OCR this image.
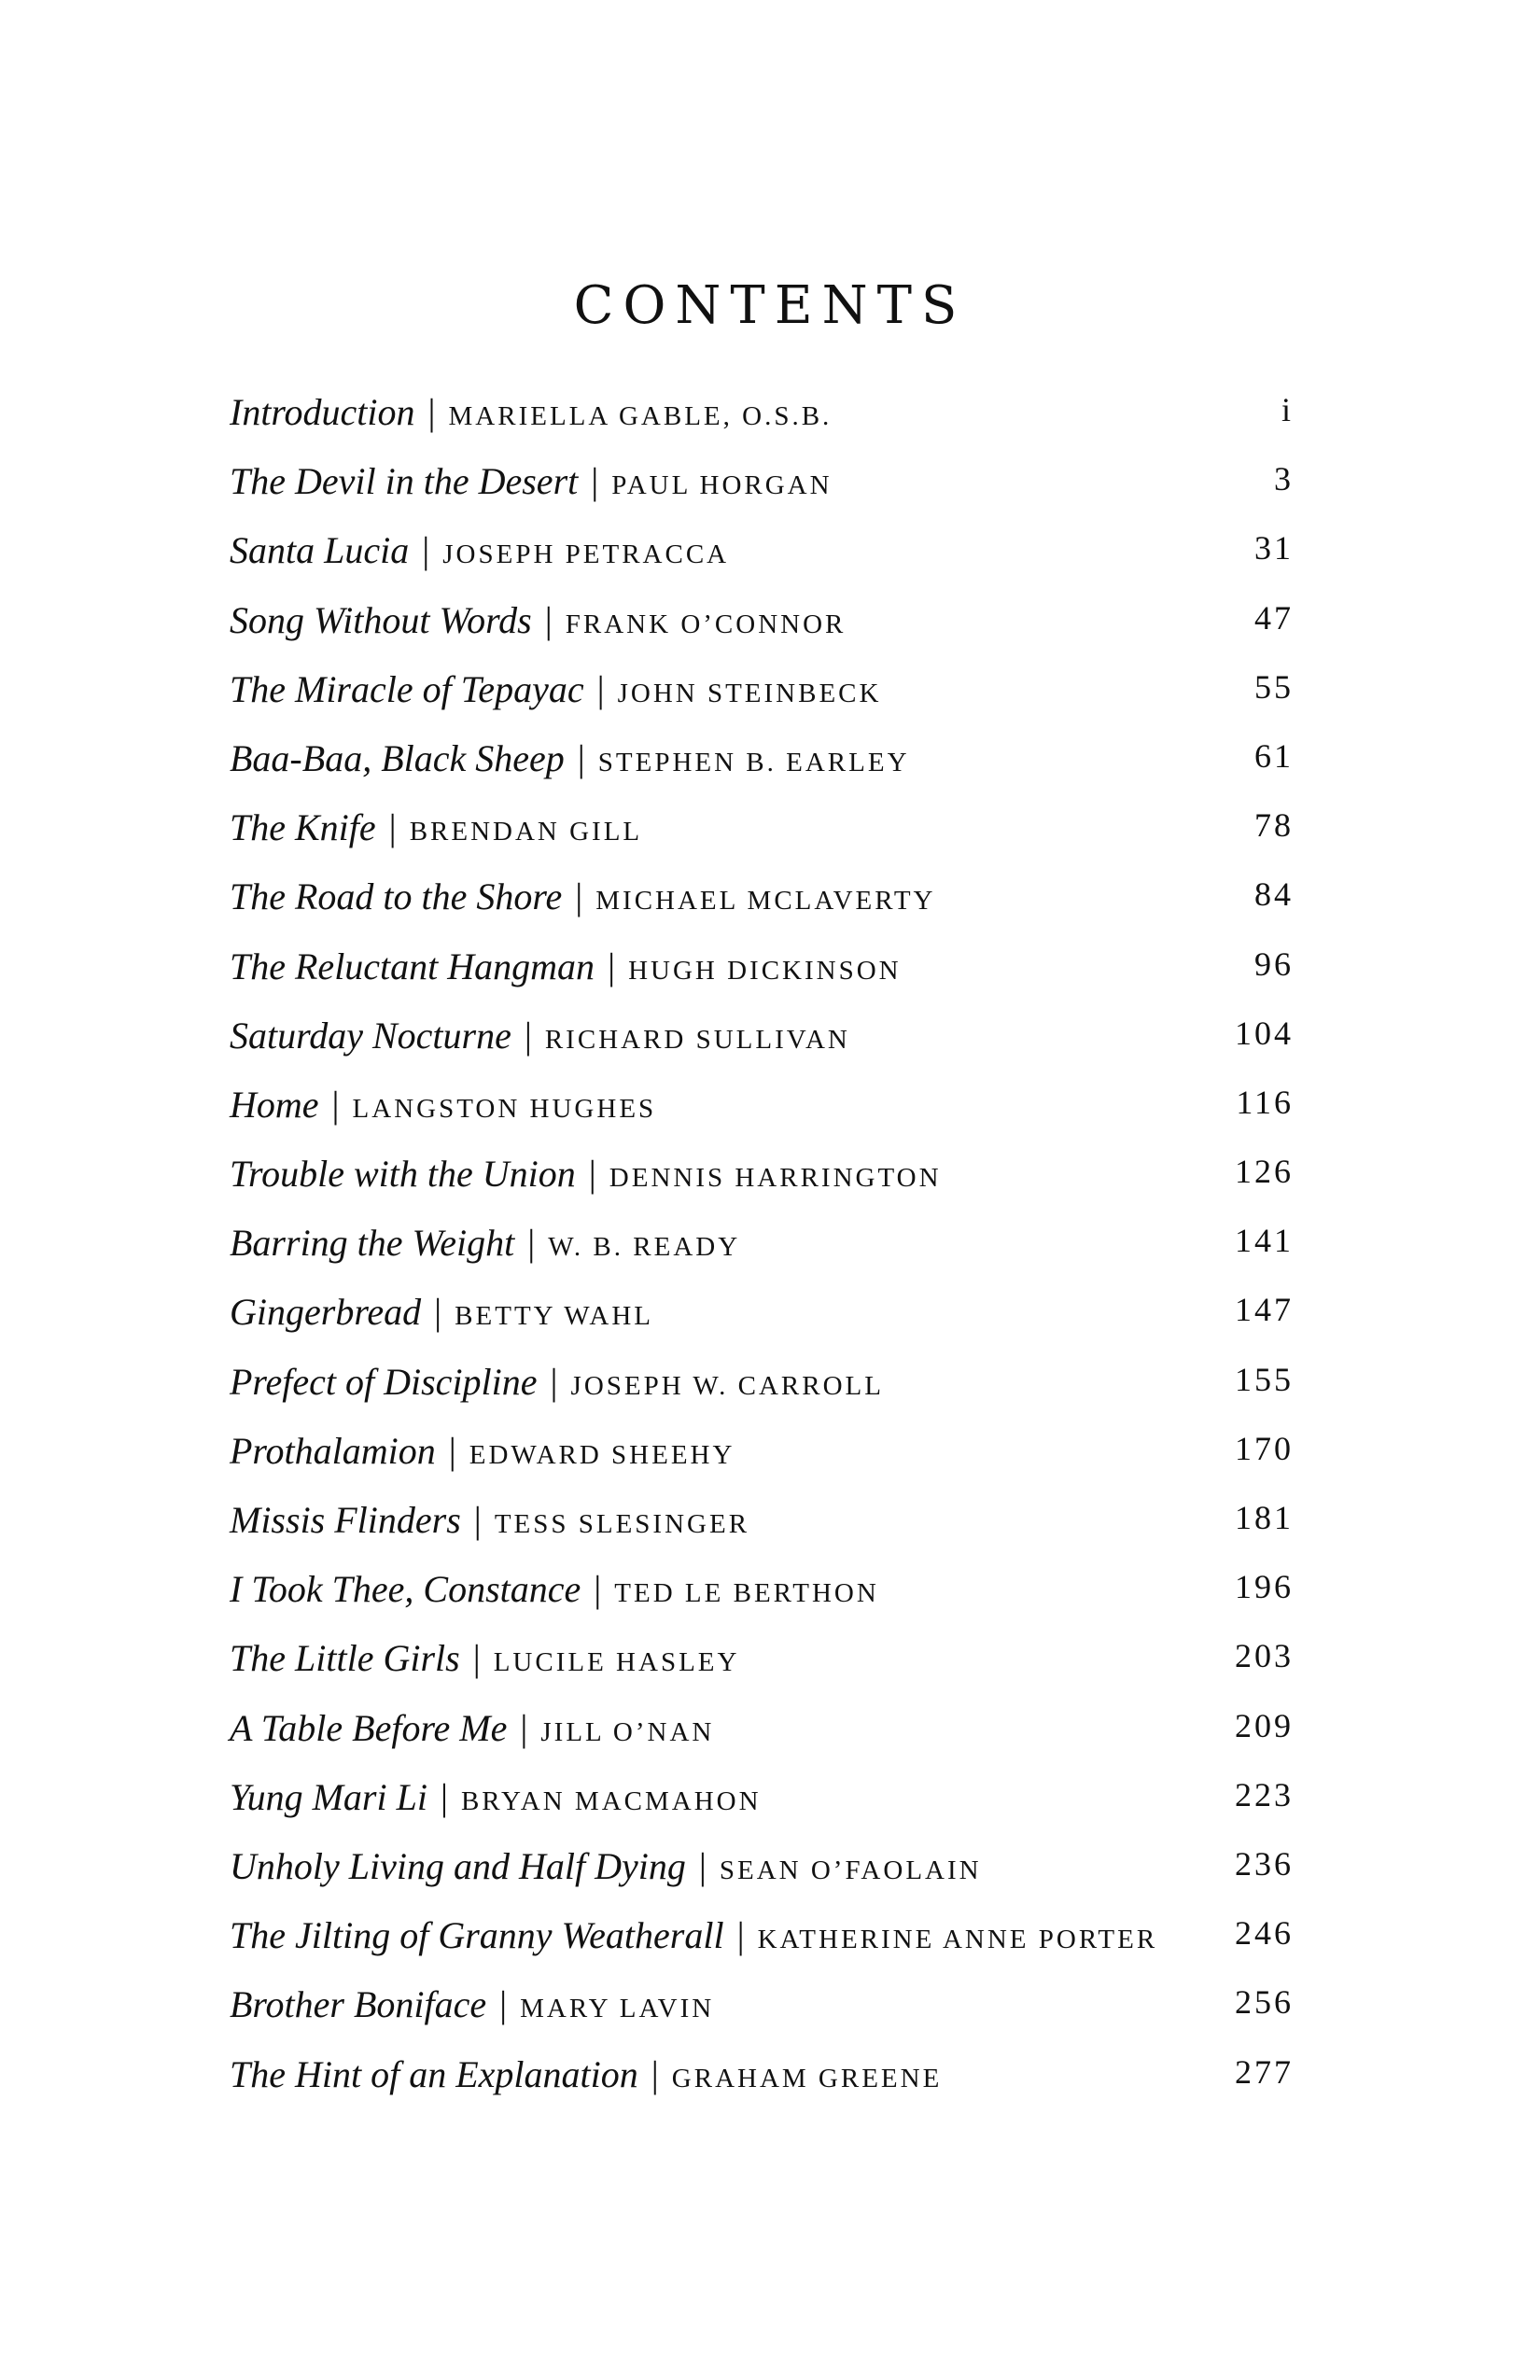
CONTENTS
Introduction | MARIELLA GABLE, O.S.B.	i
The Devil in the Desert | PAUL HORGAN	3
Santa Lucia | JOSEPH PETRACCA	31
Song Without Words | FRANK O’CONNOR	47
The Miracle of Tepayac | JOHN STEINBECK	55
Baa-Baa, Black Sheep | STEPHEN B. EARLEY	61
The Knife | BRENDAN GILL	78
The Road to the Shore | MICHAEL MCLAVERTY	84
The Reluctant Hangman | HUGH DICKINSON	96
Saturday Nocturne | RICHARD SULLIVAN	104
Home | LANGSTON HUGHES	116
Trouble with the Union | DENNIS HARRINGTON	126
Barring the Weight | W. B. READY	141
Gingerbread | BETTY WAHL	147
Prefect of Discipline | JOSEPH W. CARROLL	155
Prothalamion | EDWARD SHEEHY	170
Missis Flinders | TESS SLESINGER	181
I Took Thee, Constance | TED LE BERTHON	196
The Little Girls | LUCILE HASLEY	203
A Table Before Me | JILL O’NAN	209
Yung Mari Li | BRYAN MACMAHON	223
Unholy Living and Half Dying | SEAN O’FAOLAIN	236
The Jilting of Granny Weatherall | KATHERINE ANNE PORTER 246
Brother Boniface | MARY LAVIN	256
The Hint of an Explanation | GRAHAM GREENE	277
